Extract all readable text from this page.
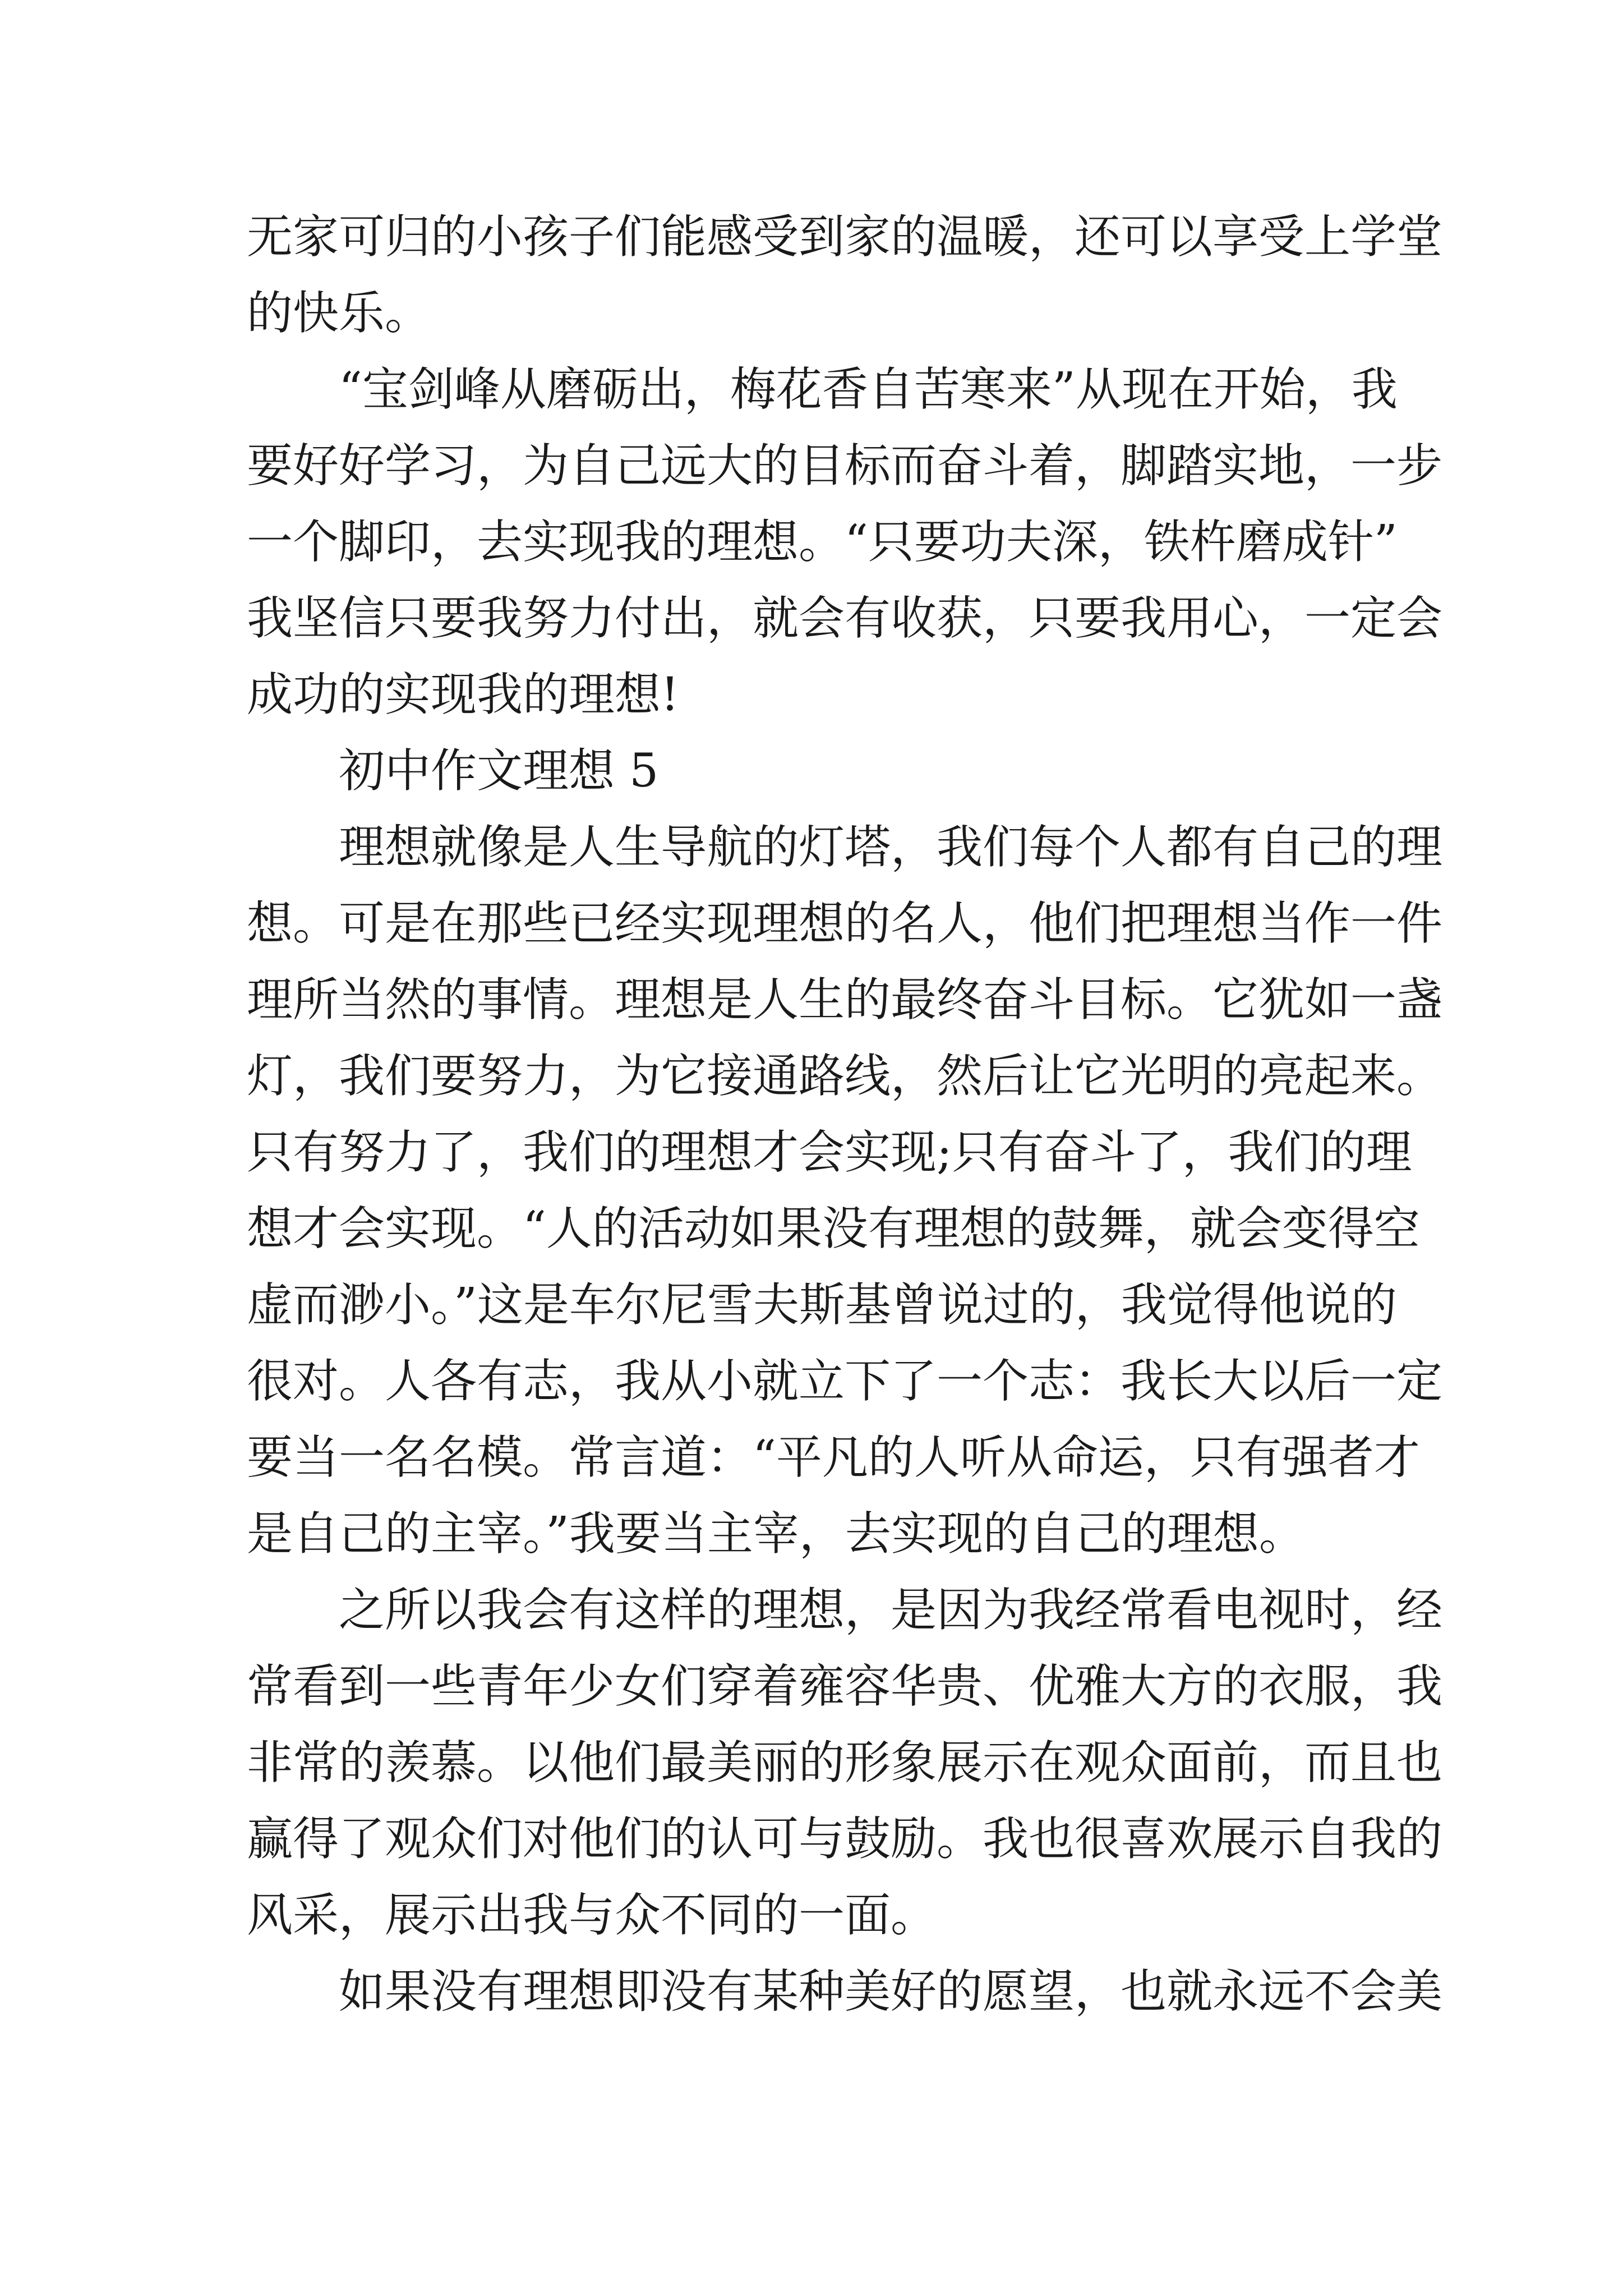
无家可归的小孩子们能感受到家的温暖，还可以享受上学堂
的快乐。
“宝剑峰从磨砺出，梅花香自苦寒来”从现在开始，我
要好好学习，为自己远大的目标而奋斗着，脚踏实地，一步
一个脚印，去实现我的理想。“只要功夫深，铁杵磨成针”
我坚信只要我努力付出，就会有收获，只要我用心，一定会
成功的实现我的理想!
初中作文理想 5
理想就像是人生导航的灯塔，我们每个人都有自己的理
想。可是在那些已经实现理想的名人，他们把理想当作一件
理所当然的事情。理想是人生的最终奋斗目标。它犹如一盏
灯，我们要努力，为它接通路线，然后让它光明的亮起来。
只有努力了，我们的理想才会实现;只有奋斗了，我们的理
想才会实现。“人的活动如果没有理想的鼓舞，就会变得空
虚而渺小。”这是车尔尼雪夫斯基曾说过的，我觉得他说的
很对。人各有志，我从小就立下了一个志：我长大以后一定
要当一名名模。常言道：“平凡的人听从命运，只有强者才
是自己的主宰。”我要当主宰，去实现的自己的理想。
之所以我会有这样的理想，是因为我经常看电视时，经
常看到一些青年少女们穿着雍容华贵、优雅大方的衣服，我
非常的羡慕。以他们最美丽的形象展示在观众面前，而且也
赢得了观众们对他们的认可与鼓励。我也很喜欢展示自我的
风采，展示出我与众不同的一面。
如果没有理想即没有某种美好的愿望，也就永远不会美
